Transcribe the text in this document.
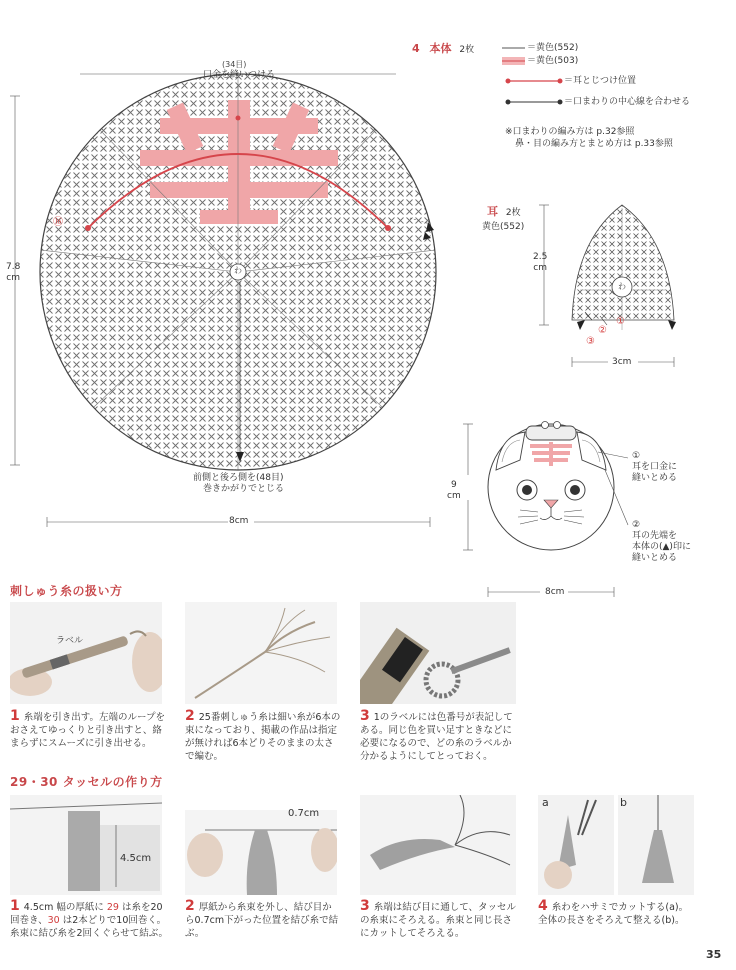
(34目)
口金を縫いつける
⑯
わ
7.8
cm
前側と後ろ側を(48目)
巻きかがりでとじる
8cm
4 本体 2枚	＝黄色(552)
＝黄色(503)
＝耳とじつけ位置
＝口まわりの中心線を合わせる
※口まわりの編み方は p.32参照
鼻・目の編み方とまとめ方は p.33参照
耳 2枚
黄色(552)
2.5
cm
3cm
わ
①
②
③
9
cm
8cm
①
耳を口金に
縫いとめる
②
耳の先端を
本体の(▲)印に
縫いとめる
刺しゅう糸の扱い方
ラベル
1 糸端を引き出す。左端のループをおさえてゆっくりと引き出すと、絡まらずにスムーズに引き出せる。
2 25番刺しゅう糸は細い糸が6本の束になっており、掲載の作品は指定が無ければ6本どりそのままの太さで編む。
3 1のラベルには色番号が表記してある。同じ色を買い足すときなどに必要になるので、どの糸のラベルか分かるようにしてとっておく。
29・30 タッセルの作り方
4.5cm
0.7cm
a	b
1 4.5cm 幅の厚紙に 29 は糸を20回巻き、30 は2本どりで10回巻く。糸束に結び糸を2回くぐらせて結ぶ。
2 厚紙から糸束を外し、結び目から0.7cm下がった位置を結び糸で結ぶ。
3 糸端は結び目に通して、タッセルの糸束にそろえる。糸束と同じ長さにカットしてそろえる。
4 糸わをハサミでカットする(a)。全体の長さをそろえて整える(b)。
35
